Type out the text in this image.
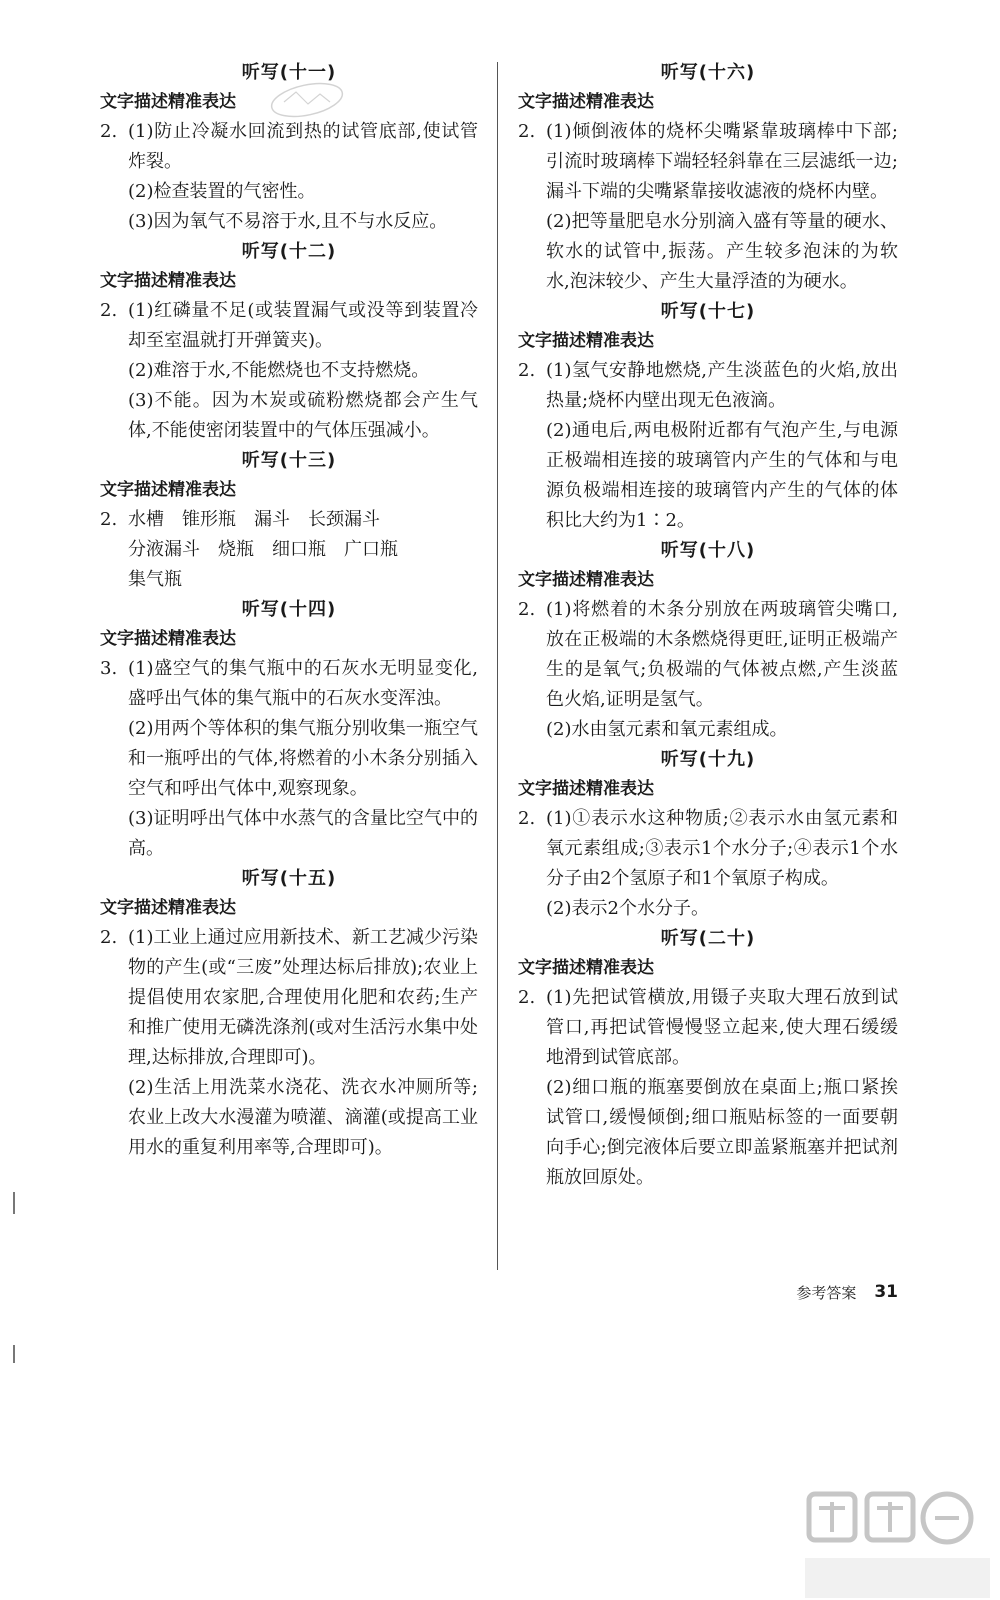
听写(十一)
文字描述精准表达
2. (1)防止冷凝水回流到热的试管底部,使试管炸裂。

(2)检查装置的气密性。

(3)因为氧气不易溶于水,且不与水反应。

听写(十二)
文字描述精准表达
2. (1)红磷量不足(或装置漏气或没等到装置冷却至室温就打开弹簧夹)。

(2)难溶于水,不能燃烧也不支持燃烧。

(3)不能。因为木炭或硫粉燃烧都会产生气体,不能使密闭装置中的气体压强减小。

听写(十三)
文字描述精准表达
2. 水槽　锥形瓶　漏斗　长颈漏斗
分液漏斗　烧瓶　细口瓶　广口瓶
集气瓶
听写(十四)
文字描述精准表达
3. (1)盛空气的集气瓶中的石灰水无明显变化,盛呼出气体的集气瓶中的石灰水变浑浊。

(2)用两个等体积的集气瓶分别收集一瓶空气和一瓶呼出的气体,将燃着的小木条分别插入空气和呼出气体中,观察现象。

(3)证明呼出气体中水蒸气的含量比空气中的高。

听写(十五)
文字描述精准表达
2. (1)工业上通过应用新技术、新工艺减少污染物的产生(或“三废”处理达标后排放);农业上提倡使用农家肥,合理使用化肥和农药;生产和推广使用无磷洗涤剂(或对生活污水集中处理,达标排放,合理即可)。

(2)生活上用洗菜水浇花、洗衣水冲厕所等;农业上改大水漫灌为喷灌、滴灌(或提高工业用水的重复利用率等,合理即可)。

听写(十六)
文字描述精准表达
2. (1)倾倒液体的烧杯尖嘴紧靠玻璃棒中下部;引流时玻璃棒下端轻轻斜靠在三层滤纸一边;漏斗下端的尖嘴紧靠接收滤液的烧杯内壁。

(2)把等量肥皂水分别滴入盛有等量的硬水、软水的试管中,振荡。产生较多泡沫的为软水,泡沫较少、产生大量浮渣的为硬水。

听写(十七)
文字描述精准表达
2. (1)氢气安静地燃烧,产生淡蓝色的火焰,放出热量;烧杯内壁出现无色液滴。

(2)通电后,两电极附近都有气泡产生,与电源正极端相连接的玻璃管内产生的气体和与电源负极端相连接的玻璃管内产生的气体的体积比大约为1∶2。

听写(十八)
文字描述精准表达
2. (1)将燃着的木条分别放在两玻璃管尖嘴口,放在正极端的木条燃烧得更旺,证明正极端产生的是氧气;负极端的气体被点燃,产生淡蓝色火焰,证明是氢气。

(2)水由氢元素和氧元素组成。

听写(十九)
文字描述精准表达
2. (1)①表示水这种物质;②表示水由氢元素和氧元素组成;③表示1个水分子;④表示1个水分子由2个氢原子和1个氧原子构成。

(2)表示2个水分子。

听写(二十)
文字描述精准表达
2. (1)先把试管横放,用镊子夹取大理石放到试管口,再把试管慢慢竖立起来,使大理石缓缓地滑到试管底部。

(2)细口瓶的瓶塞要倒放在桌面上;瓶口紧挨试管口,缓慢倾倒;细口瓶贴标签的一面要朝向手心;倒完液体后要立即盖紧瓶塞并把试剂瓶放回原处。

参考答案 31
